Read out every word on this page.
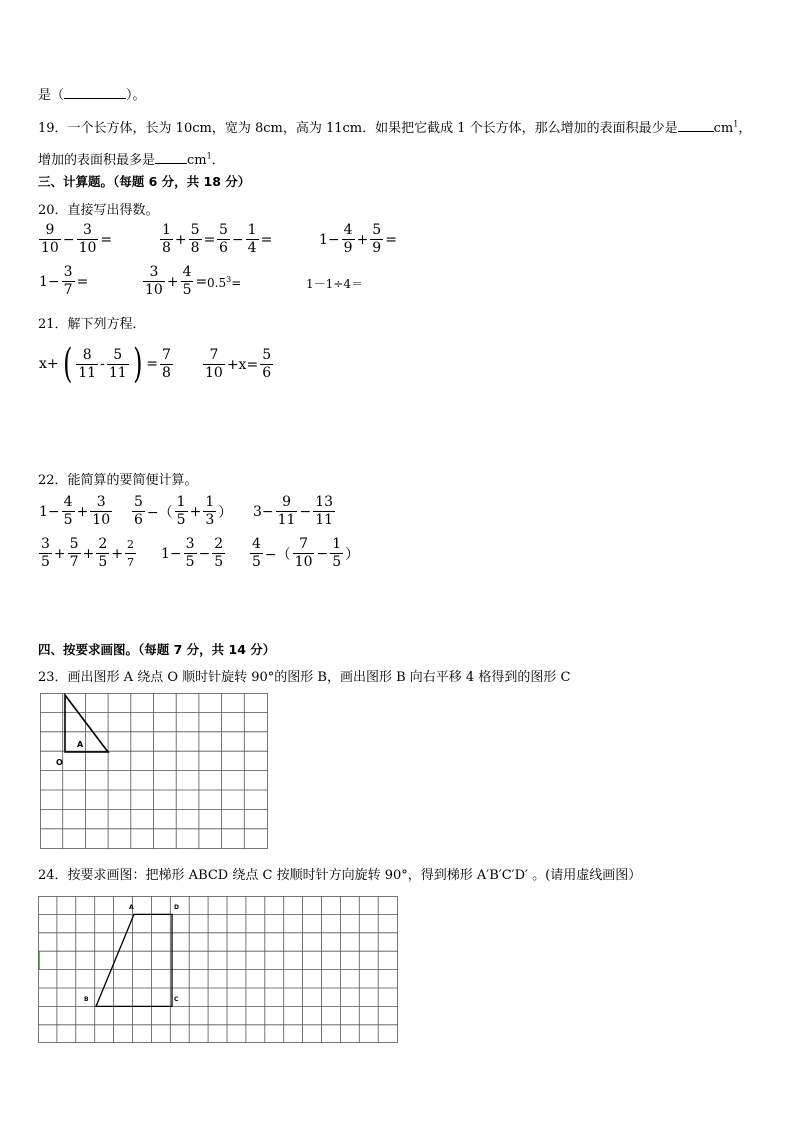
是（	）。
19．一个长方体，长为 10cm，宽为 8cm，高为 11cm．如果把它截成 1 个长方体，那么增加的表面积最少是	$cm^1$，
增加的表面积最多是 $cm^1$．
三、计算题。（每题 6 分，共 18 分）
20．直接写出得数。
$\frac{9}{10} - \frac{3}{10}$ =	$\frac{1}{8} + \frac{5}{8} = \frac{5}{6} - \frac{1}{4}$ =	$1- \frac{4}{9} + \frac{5}{9}$ =
$1- \frac{3}{7}$ =	$\frac{3}{10} + \frac{4}{5} = 0.5^3=$	1－1÷4＝
21．解下列方程．
x+ ( $\frac{8}{11} - \frac{5}{11}$ ) = $\frac{7}{8} \frac{7}{10} +x= \frac{5}{6}$
22．能简算的要简便计算。
$1- \frac{4}{5} + \frac{3}{10} \frac{5}{6}$ −（ $\frac{1}{5} + \frac{1}{3}$ ） $3- \frac{9}{11} - \frac{13}{11}$
$\frac{3}{5} + \frac{5}{7} + \frac{2}{5} + \frac{2}{7} 1- \frac{3}{5} - \frac{2}{5} \frac{4}{5}$ −（ $\frac{7}{10} - \frac{1}{5}$ ）
四、按要求画图。（每题 7 分，共 14 分）
23．画出图形 A 绕点 O 顺时针旋转 90°的图形 B，画出图形 B 向右平移 4 格得到的图形 C
A
O
24．按要求画图：把梯形 ABCD 绕点 C 按顺时针方向旋转 90°，得到梯形 A′B′C′D′ 。(请用虚线画图）
A	D
B	C
